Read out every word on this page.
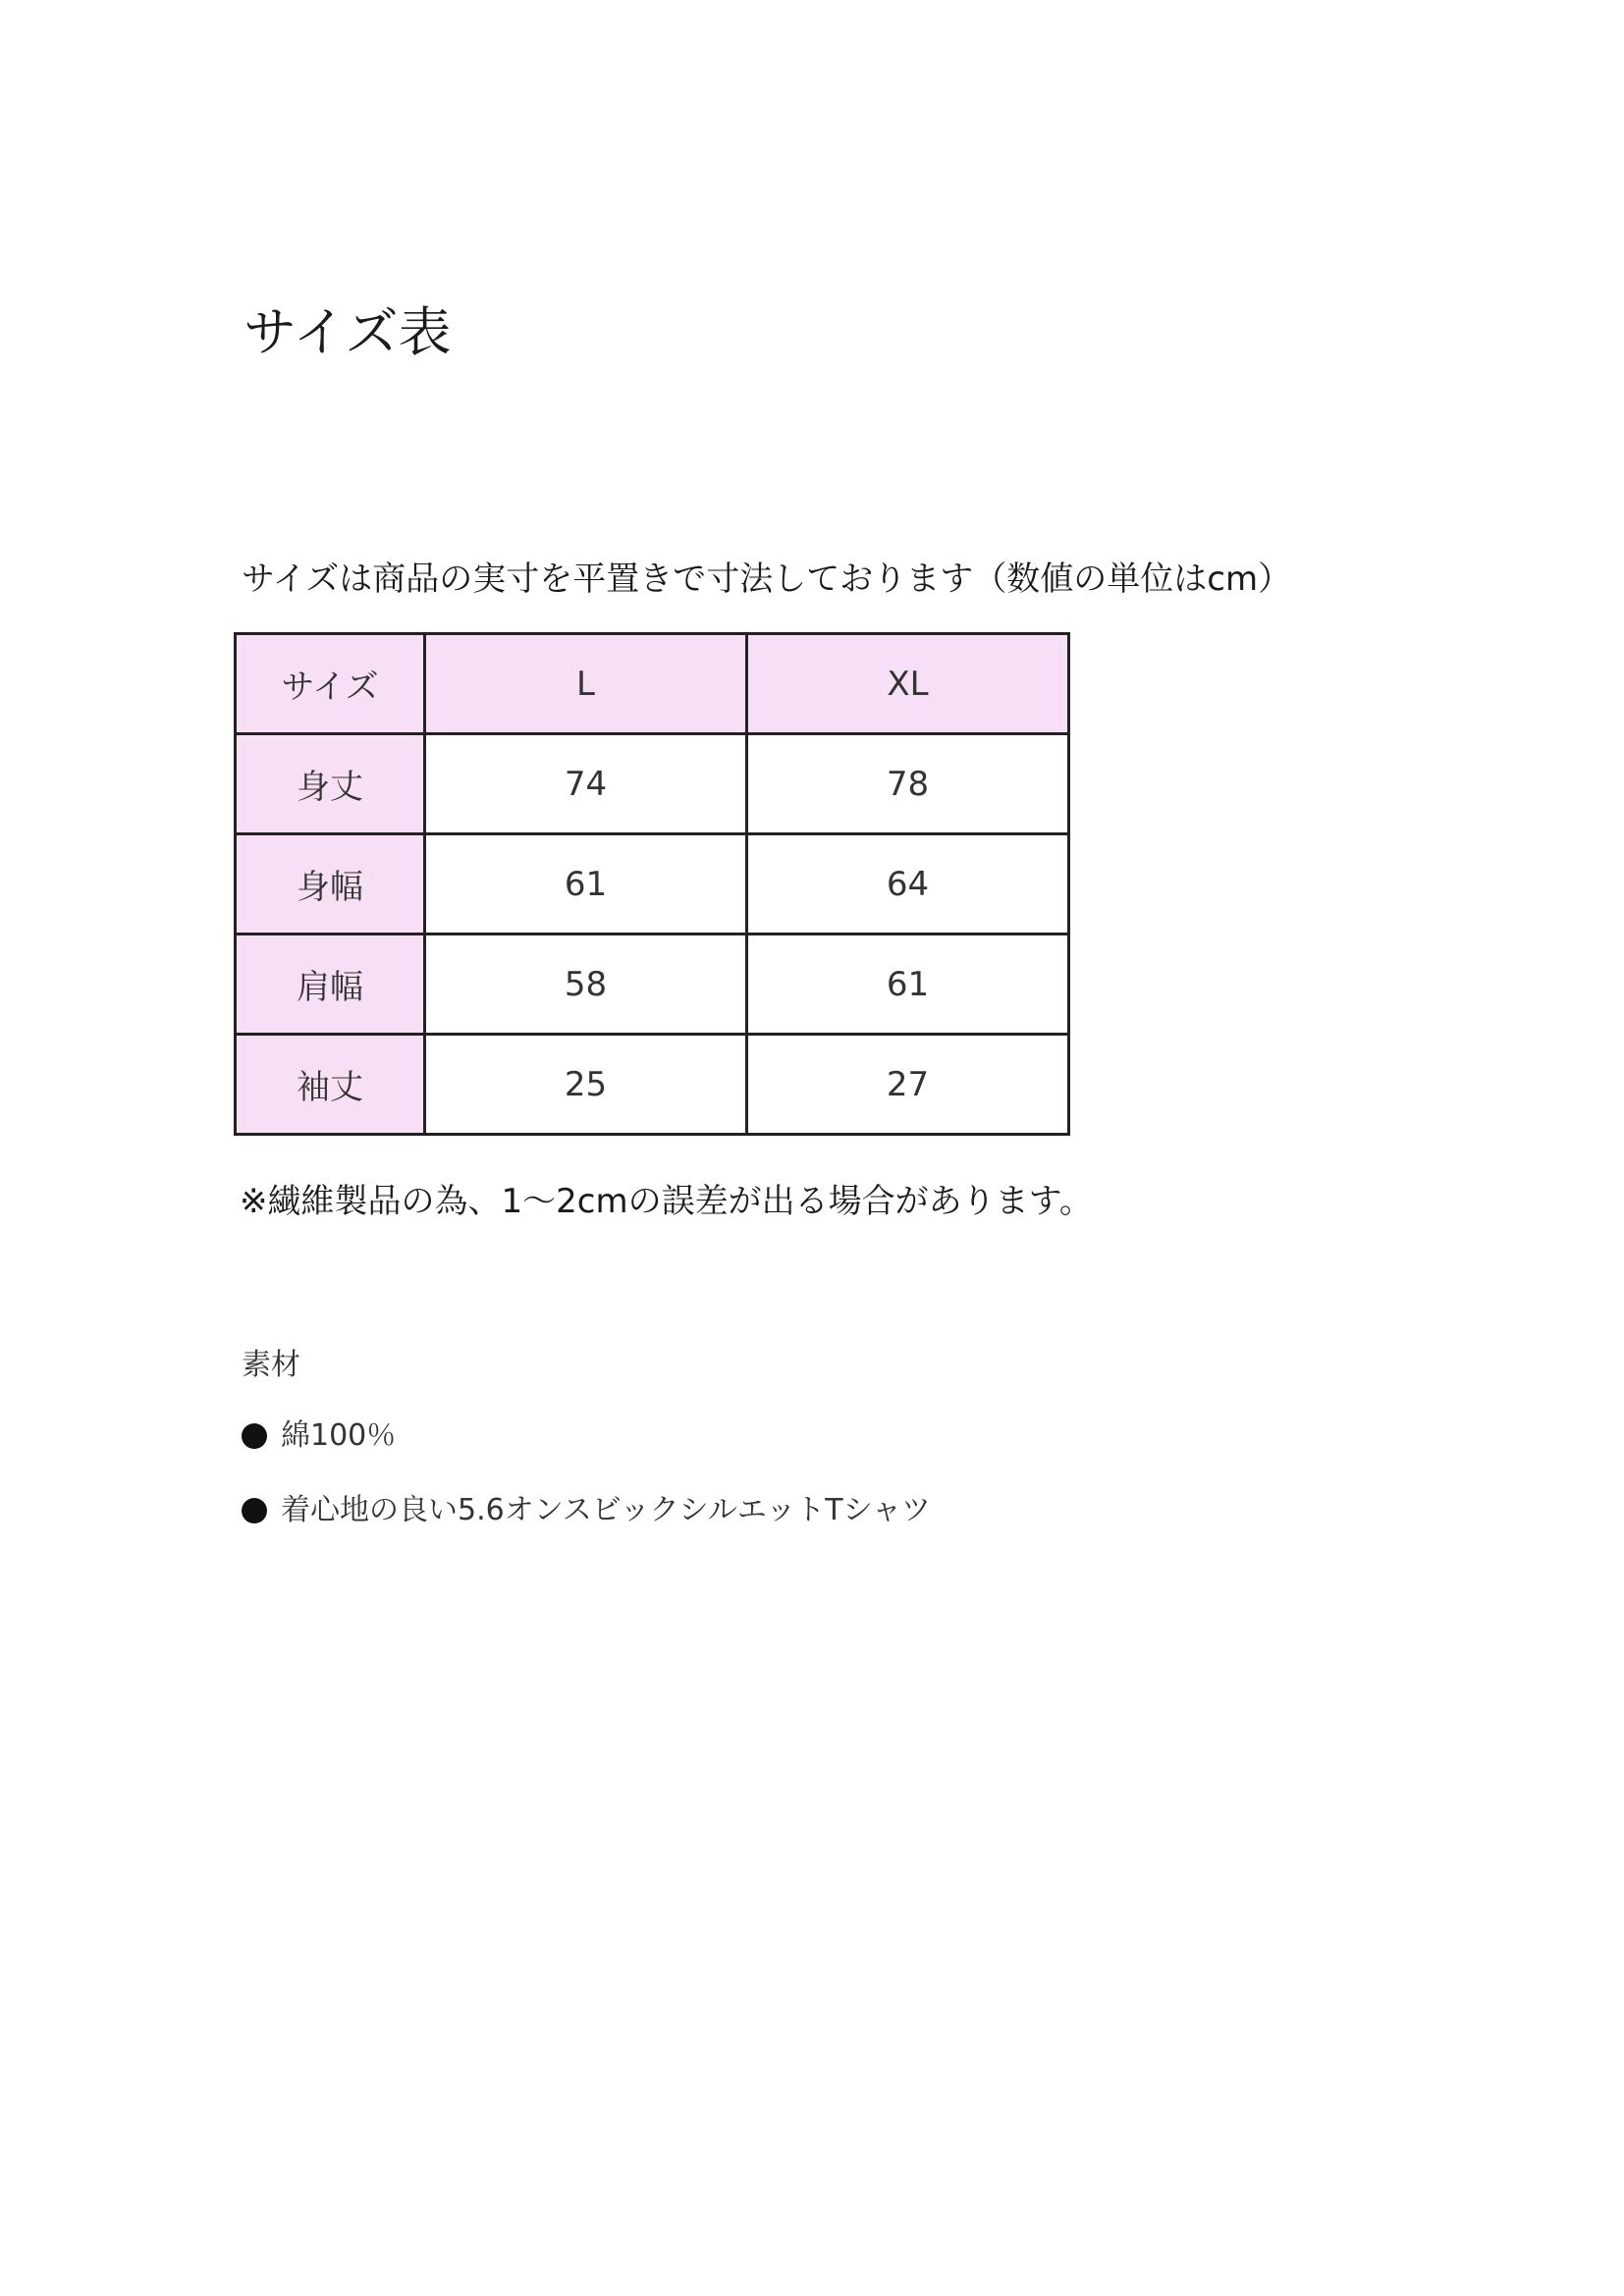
サイズ表

サイズは商品の実寸を平置きで寸法しております（数値の単位はcm）

サイズ	L	XL
身丈	74	78
身幅	61	64
肩幅	58	61
袖丈	25	27

※繊維製品の為、1〜2cmの誤差が出る場合があります。

素材

綿100％
着心地の良い5.6オンスビックシルエットTシャツ
